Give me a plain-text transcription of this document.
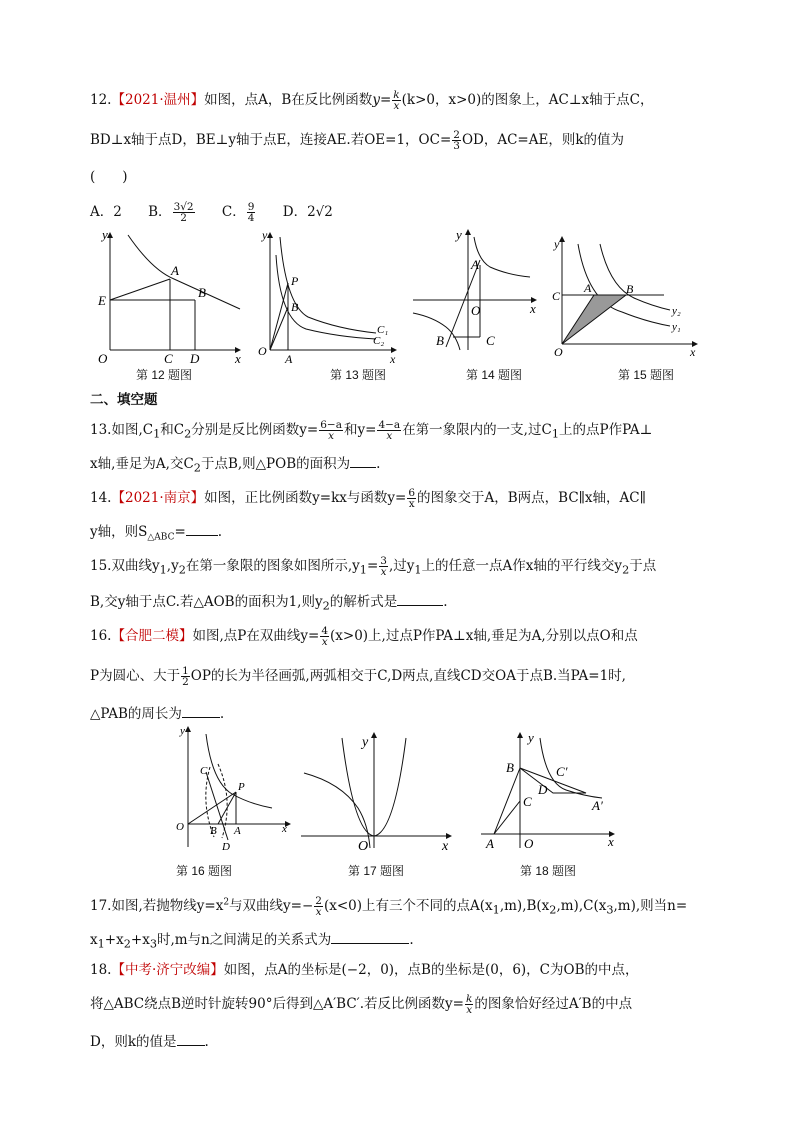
12.【2021·温州】如图，点A，B在反比例函数$y= \frac{k}{x} (k>0$，x>0)的图象上，AC⊥x轴于点C，
BD⊥x轴于点D，BE⊥y轴于点E，连接AE.若OE=1，$OC= \frac{2}{3}$ OD，AC=AE，则k的值为
(　　)
A．2 B． $\frac{3√2}{2}$ C． $\frac{9}{4}$ D．2√2
y
x
O
A
B
C D
E
第 12 题图
y
x
O
A
B
P
C₁
C₂
第 13 题图
y
x
O
A
B	C
第 14 题图
y
x
O
C
A	B
y₂
y₁
第 15 题图
二、填空题
13.如图$,C_1$和$C_2$分别是反比例函数$y= \frac{6-a}{x}$ 和$y= \frac{4-a}{x}$ 在第一象限内的一支,过$C_1$上的点P作PA⊥
x轴,垂足为A,交$C_2$于点B,则△POB的面积为 .
14.【2021·南京】如图，正比例函数y=kx与函数$y= \frac{6}{x}$ 的图象交于A，B两点，BC∥x轴，AC∥
y轴，则$S_{\triangle ABC}=$ .
15.双曲线$y_1,y_2$在第一象限的图象如图所示$,y_1= \frac{3}{x}$ ,过$y_1$上的任意一点A作x轴的平行线交$y_2$于点
B,交y轴于点C.若△AOB的面积为1,则$y_2$的解析式是	.
16.【合肥二模】如图,点P在双曲线$y= \frac{4}{x} (x>0)$上,过点P作PA⊥x轴,垂足为A,分别以点O和点
P为圆心、大于 $\frac{1}{2}$ OP的长为半径画弧,两弧相交于C,D两点,直线CD交OA于点B.当PA=1时,
△PAB的周长为	.
y
x
O B A
C
D
P
第 16 题图
y
x
O
第 17 题图
y
x
O
A
B
C
D
A′
C′
第 18 题图
17.如图,若抛物线$y=x^2$与双曲线$y=- \frac{2}{x} (x<0)$上有三个不同的点$A(x_1,m),B(x_2,m),C(x_3,m)$,则当n=
$x_1+x_2+x_3$时,m与n之间满足的关系式为	.
18.【中考·济宁改编】如图，点A的坐标是(−2，0)，点B的坐标是(0，6)，C为OB的中点，
将△ABC绕点B逆时针旋转90°后得到△A′BC′.若反比例函数$y= \frac{k}{x}$ 的图象恰好经过A′B的中点
D，则k的值是 .
